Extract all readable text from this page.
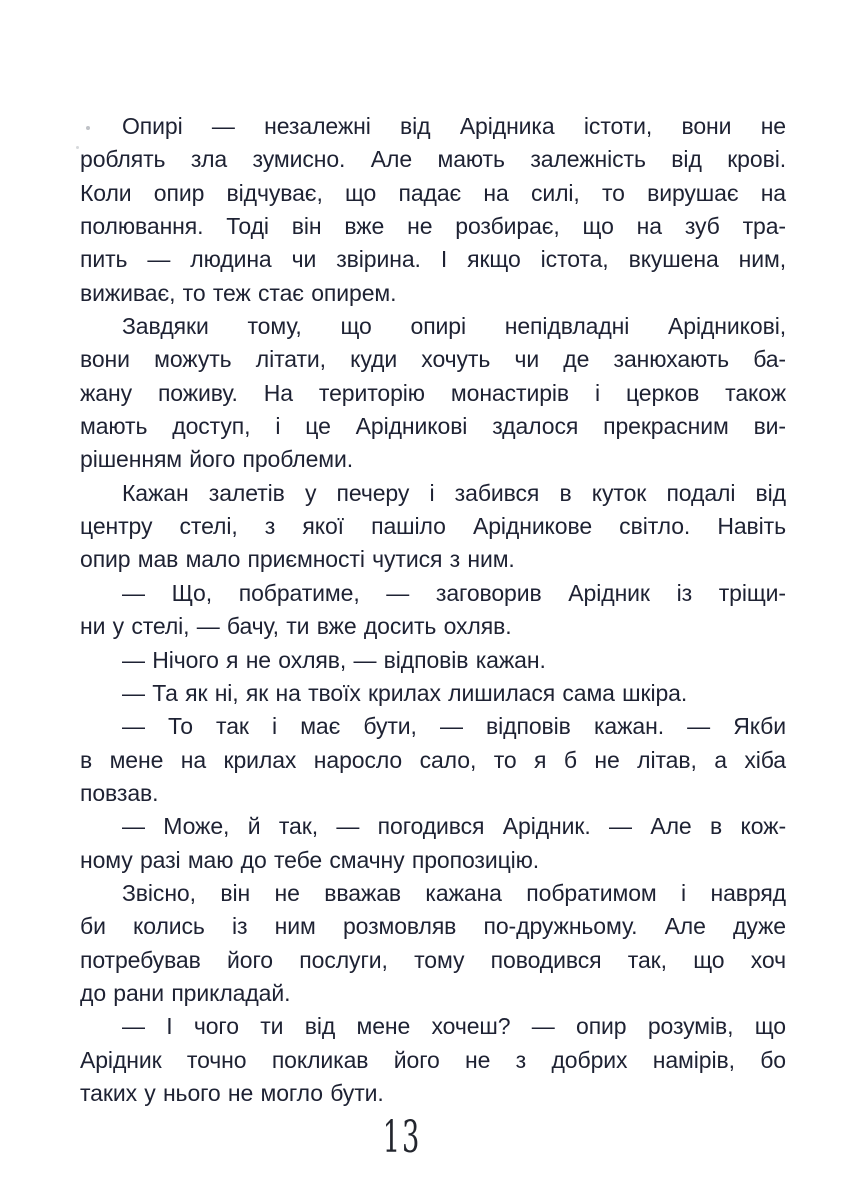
Опирі — незалежні від Арідника істоти, вони не
роблять зла зумисно. Але мають залежність від крові.
Коли опир відчуває, що падає на силі, то вирушає на
полювання. Тоді він вже не розбирає, що на зуб тра-
пить — людина чи звірина. І якщо істота, вкушена ним,
виживає, то теж стає опирем.
Завдяки тому, що опирі непідвладні Арідникові,
вони можуть літати, куди хочуть чи де занюхають ба-
жану поживу. На територію монастирів і церков також
мають доступ, і це Арідникові здалося прекрасним ви-
рішенням його проблеми.
Кажан залетів у печеру і забився в куток подалі від
центру стелі, з якої пашіло Арідникове світло. Навіть
опир мав мало приємності чутися з ним.
— Що, побратиме, — заговорив Арідник із тріщи-
ни у стелі, — бачу, ти вже досить охляв.
— Нічого я не охляв, — відповів кажан.
— Та як ні, як на твоїх крилах лишилася сама шкіра.
— То так і має бути, — відповів кажан. — Якби
в мене на крилах наросло сало, то я б не літав, а хіба
повзав.
— Може, й так, — погодився Арідник. — Але в кож-
ному разі маю до тебе смачну пропозицію.
Звісно, він не вважав кажана побратимом і навряд
би колись із ним розмовляв по-дружньому. Але дуже
потребував його послуги, тому поводився так, що хоч
до рани прикладай.
— І чого ти від мене хочеш? — опир розумів, що
Арідник точно покликав його не з добрих намірів, бо
таких у нього не могло бути.
13
